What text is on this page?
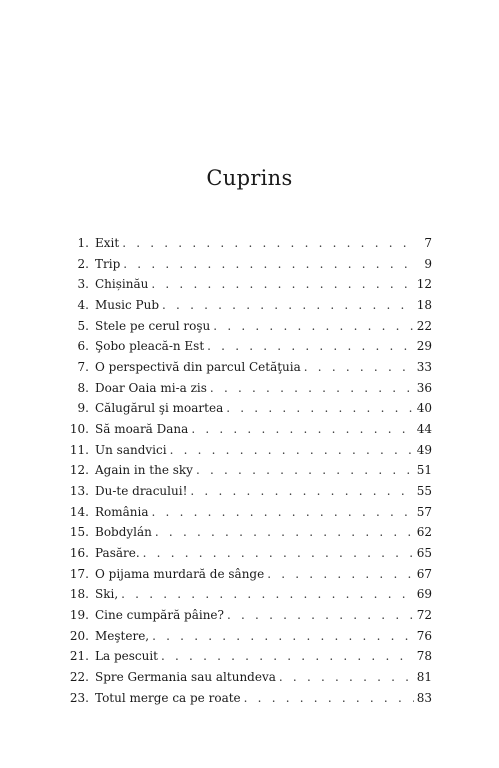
Cuprins
1. Exit . . .	7
2. Trip . . .	9
3. Chișinău . . .	12
4. Music Pub . . .	18
5. Stele pe cerul roşu . . .	22
6. Şobo pleacă-n Est . . .	29
7. O perspectivă din parcul Cetăţuia . . .	33
8. Doar Oaia mi-a zis . . .	36
9. Călugărul şi moartea . . .	40
10. Să moară Dana . . .	44
11. Un sandvici . . .	49
12. Again in the sky . . .	51
13. Du-te dracului! . . .	55
14. România . . .	57
15. Bobdylán . . .	62
16. Pasăre. . . .	65
17. O pijama murdară de sânge . . .	67
18. Ski, . . .	69
19. Cine cumpără pâine? . . .	72
20. Meştere, . . .	76
21. La pescuit . . .	78
22. Spre Germania sau altundeva . . .	81
23. Totul merge ca pe roate . . .	83
